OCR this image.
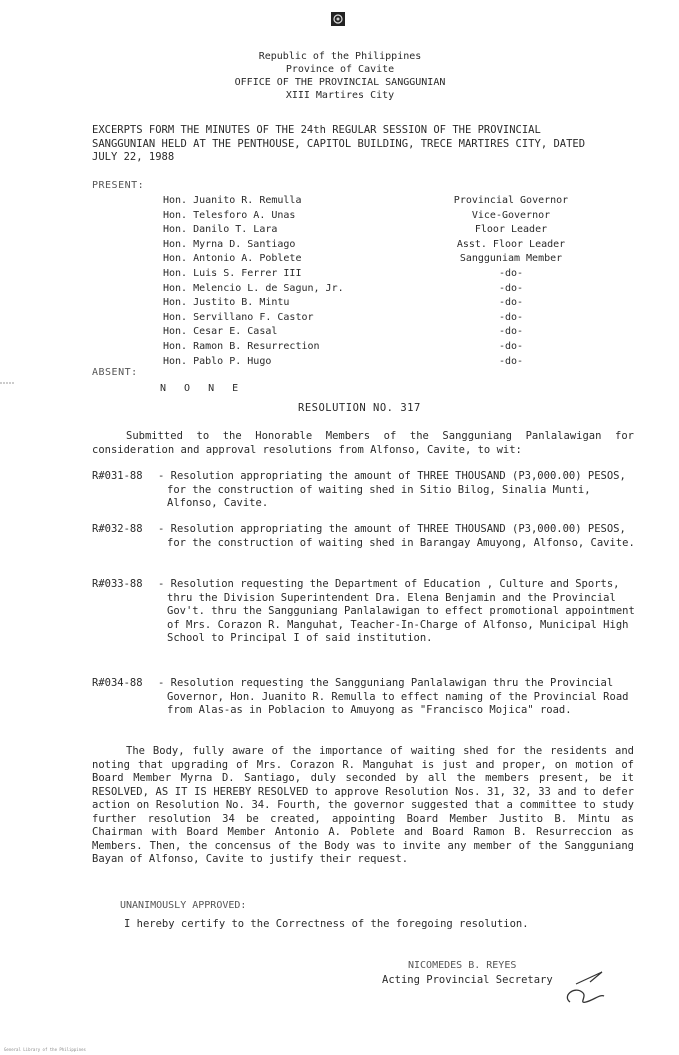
Republic of the Philippines
Province of Cavite
OFFICE OF THE PROVINCIAL SANGGUNIAN
XIII Martires City
EXCERPTS FORM THE MINUTES OF THE 24th REGULAR SESSION OF THE PROVINCIAL SANGGUNIAN HELD AT THE PENTHOUSE, CAPITOL BUILDING, TRECE MARTIRES CITY, DATED JULY 22, 1988
PRESENT:
Hon. Juanito R. Remulla	Provincial Governor
Hon. Telesforo A. Unas	Vice-Governor
Hon. Danilo T. Lara	Floor Leader
Hon. Myrna D. Santiago	Asst. Floor Leader
Hon. Antonio A. Poblete	Sangguniam Member
Hon. Luis S. Ferrer III	-do-
Hon. Melencio L. de Sagun, Jr.	-do-
Hon. Justito B. Mintu	-do-
Hon. Servillano F. Castor	-do-
Hon. Cesar E. Casal	-do-
Hon. Ramon B. Resurrection	-do-
Hon. Pablo P. Hugo	-do-
ABSENT:
N O N E
RESOLUTION NO. 317
Submitted to the Honorable Members of the Sangguniang Panlalawigan for consideration and approval resolutions from Alfonso, Cavite, to wit:
R#031-88	- Resolution appropriating the amount of THREE THOUSAND (P3,000.00) PESOS, for the construction of waiting shed in Sitio Bilog, Sinalia Munti, Alfonso, Cavite.
R#032-88	- Resolution appropriating the amount of THREE THOUSAND (P3,000.00) PESOS, for the construction of waiting shed in Barangay Amuyong, Alfonso, Cavite.
R#033-88	- Resolution requesting the Department of Education , Culture and Sports, thru the Division Superintendent Dra. Elena Benjamin and the Provincial Gov't. thru the Sangguniang Panlalawigan to effect promotional appointment of Mrs. Corazon R. Manguhat, Teacher-In-Charge of Alfonso, Municipal High School to Principal I of said institution.
R#034-88	- Resolution requesting the Sangguniang Panlalawigan thru the Provincial Governor, Hon. Juanito R. Remulla to effect naming of the Provincial Road from Alas-as in Poblacion to Amuyong as "Francisco Mojica" road.
The Body, fully aware of the importance of waiting shed for the residents and noting that upgrading of Mrs. Corazon R. Manguhat is just and proper, on motion of Board Member Myrna D. Santiago, duly seconded by all the members present, be it RESOLVED, AS IT IS HEREBY RESOLVED to approve Resolution Nos. 31, 32, 33 and to defer action on Resolution No. 34. Fourth, the governor suggested that a committee to study further resolution 34 be created, appointing Board Member Justito B. Mintu as Chairman with Board Member Antonio A. Poblete and Board Ramon B. Resurreccion as Members. Then, the concensus of the Body was to invite any member of the Sangguniang Bayan of Alfonso, Cavite to justify their request.
UNANIMOUSLY APPROVED:
I hereby certify to the Correctness of the foregoing resolution.
NICOMEDES B. REYES
Acting Provincial Secretary
General Library of the Philippines
